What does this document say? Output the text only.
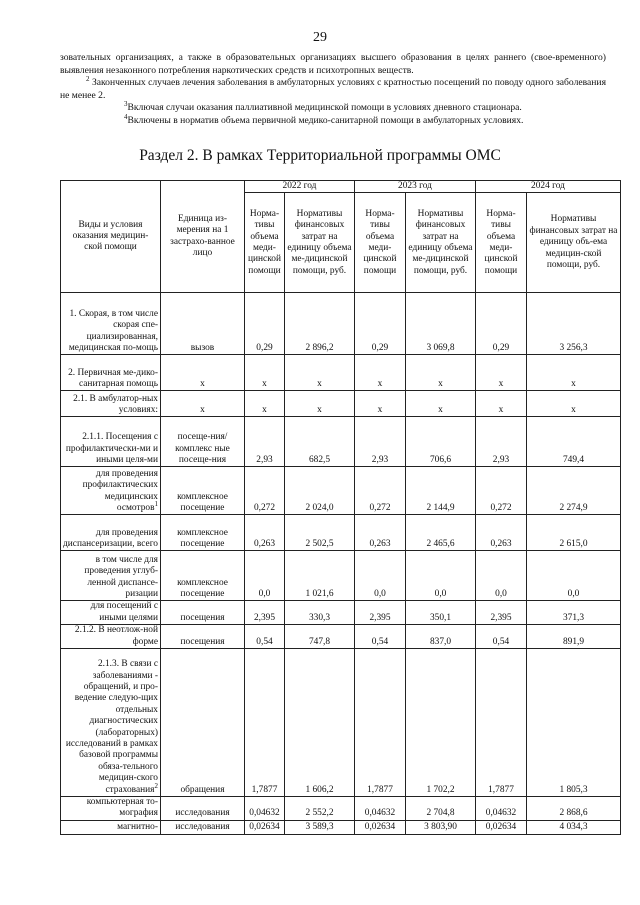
29

зовательных организациях, а также в образовательных организациях высшего образования в целях раннего (свое-временного) выявления незаконного потребления наркотических средств и психотропных веществ.

$^2$ Законченных случаев лечения заболевания в амбулаторных условиях с кратностью посещений по поводу одного заболевания не менее 2.

$^3$Включая случаи оказания паллиативной медицинской помощи в условиях дневного стационара.

$^4$Включены в норматив объема первичной медико-санитарной помощи в амбулаторных условиях.

Раздел 2. В рамках Территориальной программы ОМС
Виды и условия оказания медицин-ской помощи	Единица из-мерения на 1 застрахо-ванное лицо	2022 год		2023 год		2024 год	
		Норма-тивы объема меди-цинской помощи	Нормативы финансовых затрат на единицу объема ме-дицинской помощи, руб.	Норма-тивы объема меди-цинской помощи	Нормативы финансовых затрат на единицу объема ме-дицинской помощи, руб.	Норма-тивы объема меди-цинской помощи	Нормативы финансовых затрат на единицу объ-ема медицин-ской помощи, руб.
1. Скорая, в том числе скорая спе-циализированная, медицинская по-мощь	вызов	0,29	2 896,2	0,29	3 069,8	0,29	3 256,3
2. Первичная ме-дико-санитарная помощь	х	х	х	х	х	х	х
2.1. В амбулатор-ных условиях:	х	х	х	х	х	х	х
2.1.1. Посещения с профилактически-ми и иными целя-ми	посеще-ния/комплекс ные посеще-ния	2,93	682,5	2,93	706,6	2,93	749,4
для проведения профилактических медицинских осмотров$^1$	комплексное посещение	0,272	2 024,0	0,272	2 144,9	0,272	2 274,9
для проведения диспансеризации, всего	комплексное посещение	0,263	2 502,5	0,263	2 465,6	0,263	2 615,0
в том числе для проведения углуб-ленной диспансе-ризации	комплексное посещение	0,0	1 021,6	0,0	0,0	0,0	0,0
для посещений с иными целями	посещения	2,395	330,3	2,395	350,1	2,395	371,3
2.1.2. В неотлож-ной форме	посещения	0,54	747,8	0,54	837,0	0,54	891,9
2.1.3. В связи с заболеваниями - обращений, и про-ведение следую-щих отдельных диагностических (лабораторных) исследований в рамках базовой программы обяза-тельного медицин-ского страхования$^2$	обращения	1,7877	1 606,2	1,7877	1 702,2	1,7877	1 805,3
компьютерная то-мография	исследования	0,04632	2 552,2	0,04632	2 704,8	0,04632	2 868,6
магнитно-	исследования	0,02634	3 589,3	0,02634	3 803,90	0,02634	4 034,3
